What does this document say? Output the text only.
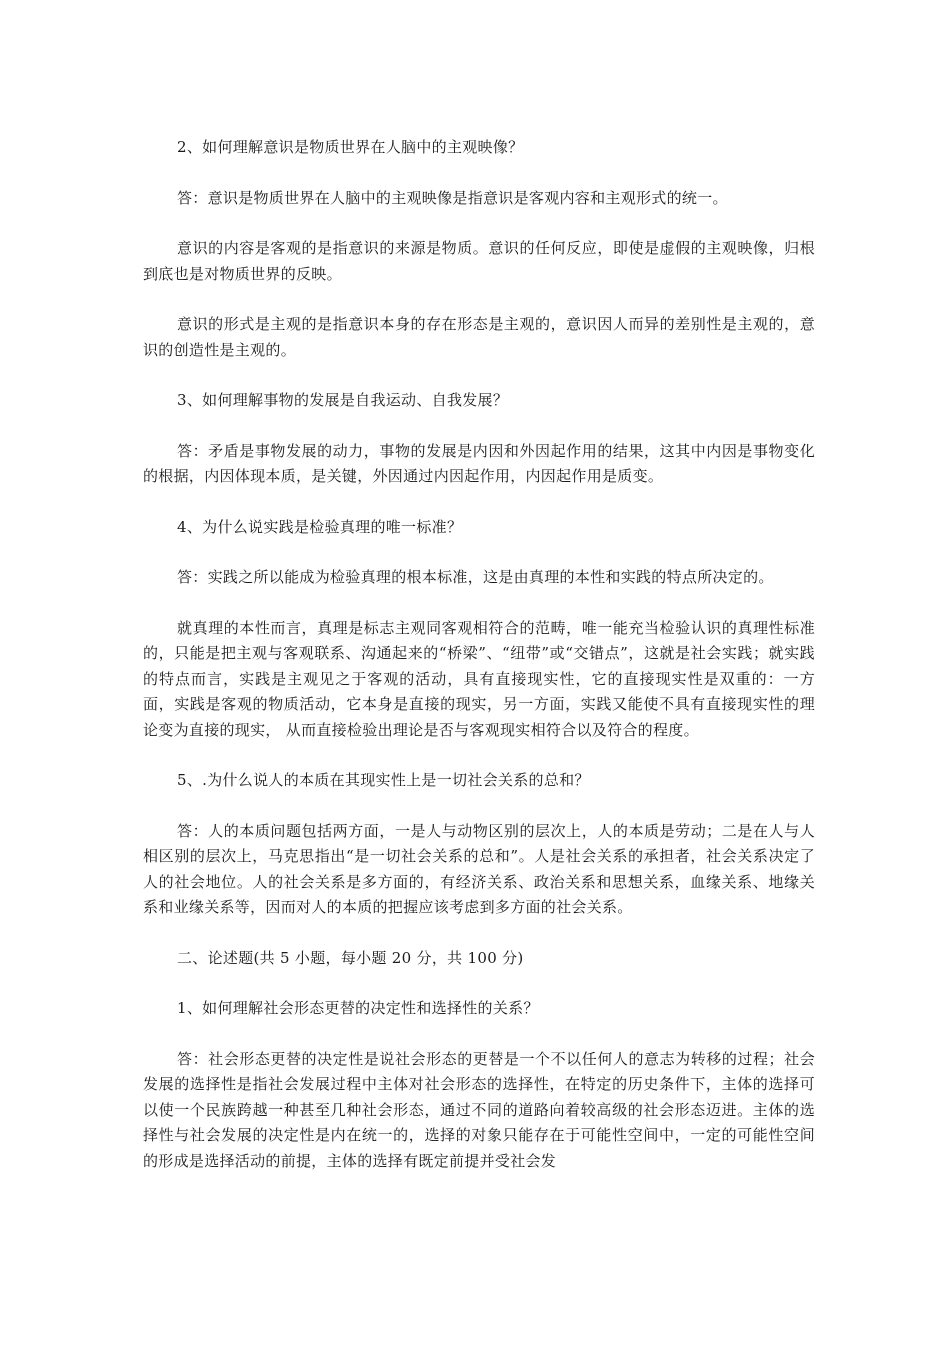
2、如何理解意识是物质世界在人脑中的主观映像？

答：意识是物质世界在人脑中的主观映像是指意识是客观内容和主观形式的统一。

意识的内容是客观的是指意识的来源是物质。意识的任何反应，即使是虚假的主观映像，归根到底也是对物质世界的反映。

意识的形式是主观的是指意识本身的存在形态是主观的，意识因人而异的差别性是主观的，意识的创造性是主观的。

3、如何理解事物的发展是自我运动、自我发展？

答：矛盾是事物发展的动力，事物的发展是内因和外因起作用的结果，这其中内因是事物变化的根据，内因体现本质，是关键，外因通过内因起作用，内因起作用是质变。

4、为什么说实践是检验真理的唯一标准？

答：实践之所以能成为检验真理的根本标准，这是由真理的本性和实践的特点所决定的。

就真理的本性而言，真理是标志主观同客观相符合的范畴，唯一能充当检验认识的真理性标准的，只能是把主观与客观联系、沟通起来的“桥梁”、“纽带”或“交错点”，这就是社会实践；就实践的特点而言，实践是主观见之于客观的活动，具有直接现实性，它的直接现实性是双重的：一方面，实践是客观的物质活动，它本身是直接的现实，另一方面，实践又能使不具有直接现实性的理论变为直接的现实， 从而直接检验出理论是否与客观现实相符合以及符合的程度。

5、.为什么说人的本质在其现实性上是一切社会关系的总和？

答：人的本质问题包括两方面，一是人与动物区别的层次上，人的本质是劳动；二是在人与人相区别的层次上，马克思指出“是一切社会关系的总和”。人是社会关系的承担者，社会关系决定了人的社会地位。人的社会关系是多方面的，有经济关系、政治关系和思想关系，血缘关系、地缘关系和业缘关系等，因而对人的本质的把握应该考虑到多方面的社会关系。

二、论述题(共 5 小题，每小题 20 分，共 100 分)

1、如何理解社会形态更替的决定性和选择性的关系？

答：社会形态更替的决定性是说社会形态的更替是一个不以任何人的意志为转移的过程；社会发展的选择性是指社会发展过程中主体对社会形态的选择性，在特定的历史条件下，主体的选择可以使一个民族跨越一种甚至几种社会形态，通过不同的道路向着较高级的社会形态迈进。主体的选择性与社会发展的决定性是内在统一的，选择的对象只能存在于可能性空间中，一定的可能性空间的形成是选择活动的前提，主体的选择有既定前提并受社会发
